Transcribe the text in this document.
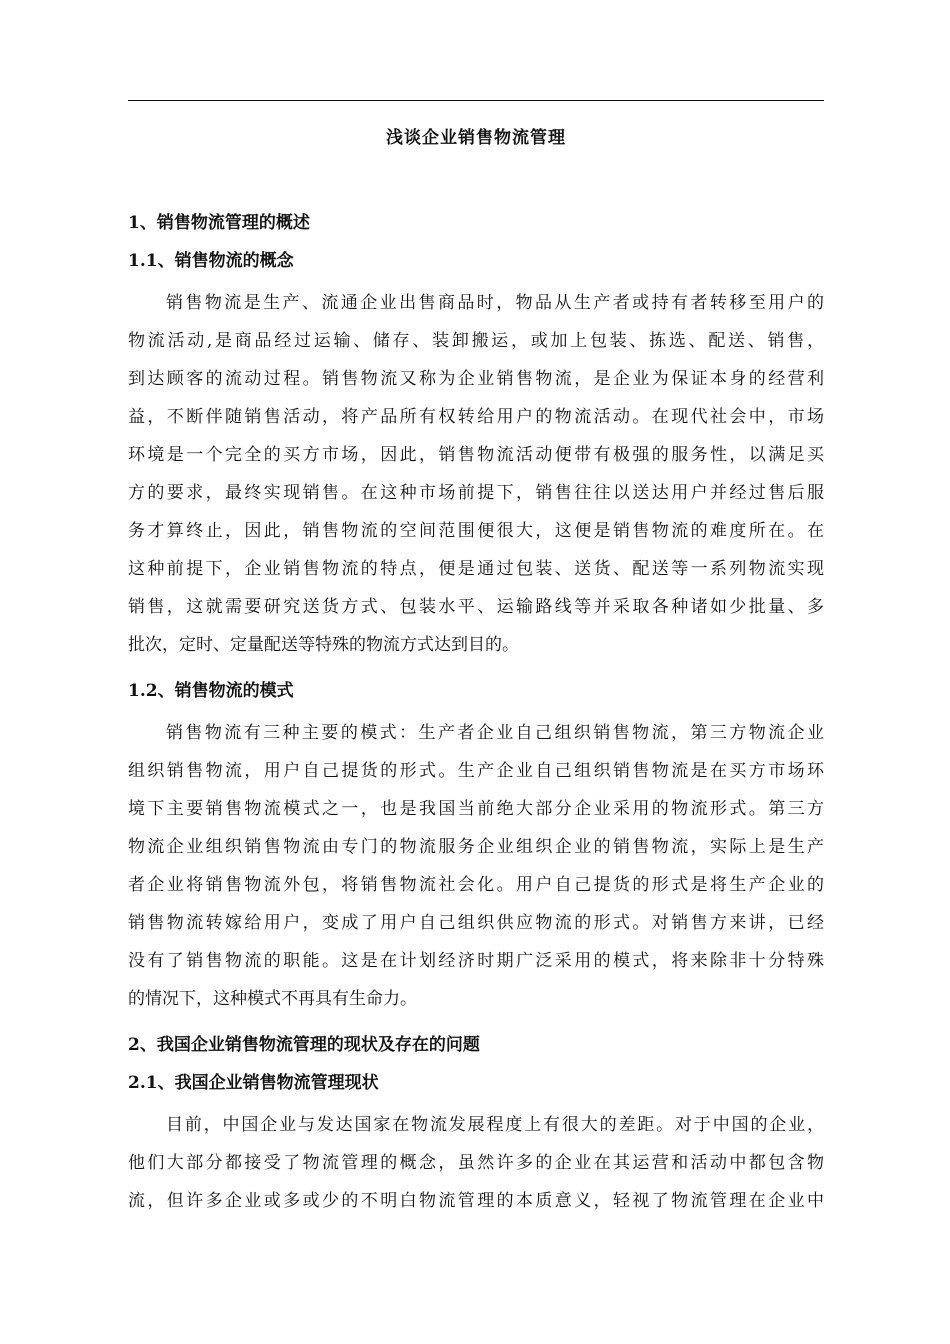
浅谈企业销售物流管理
1、销售物流管理的概述
1.1、销售物流的概念
销售物流是生产、流通企业出售商品时，物品从生产者或持有者转移至用户的
物流活动,是商品经过运输、储存、装卸搬运，或加上包装、拣选、配送、销售，
到达顾客的流动过程。销售物流又称为企业销售物流，是企业为保证本身的经营利
益，不断伴随销售活动，将产品所有权转给用户的物流活动。在现代社会中，市场
环境是一个完全的买方市场，因此，销售物流活动便带有极强的服务性，以满足买
方的要求，最终实现销售。在这种市场前提下，销售往往以送达用户并经过售后服
务才算终止，因此，销售物流的空间范围便很大，这便是销售物流的难度所在。在
这种前提下，企业销售物流的特点，便是通过包装、送货、配送等一系列物流实现
销售，这就需要研究送货方式、包装水平、运输路线等并采取各种诸如少批量、多
批次，定时、定量配送等特殊的物流方式达到目的。
1.2、销售物流的模式
销售物流有三种主要的模式：生产者企业自己组织销售物流，第三方物流企业
组织销售物流，用户自己提货的形式。生产企业自己组织销售物流是在买方市场环
境下主要销售物流模式之一，也是我国当前绝大部分企业采用的物流形式。第三方
物流企业组织销售物流由专门的物流服务企业组织企业的销售物流，实际上是生产
者企业将销售物流外包，将销售物流社会化。用户自己提货的形式是将生产企业的
销售物流转嫁给用户，变成了用户自己组织供应物流的形式。对销售方来讲，已经
没有了销售物流的职能。这是在计划经济时期广泛采用的模式，将来除非十分特殊
的情况下，这种模式不再具有生命力。
2、我国企业销售物流管理的现状及存在的问题
2.1、我国企业销售物流管理现状
目前，中国企业与发达国家在物流发展程度上有很大的差距。对于中国的企业，
他们大部分都接受了物流管理的概念，虽然许多的企业在其运营和活动中都包含物
流，但许多企业或多或少的不明白物流管理的本质意义，轻视了物流管理在企业中
